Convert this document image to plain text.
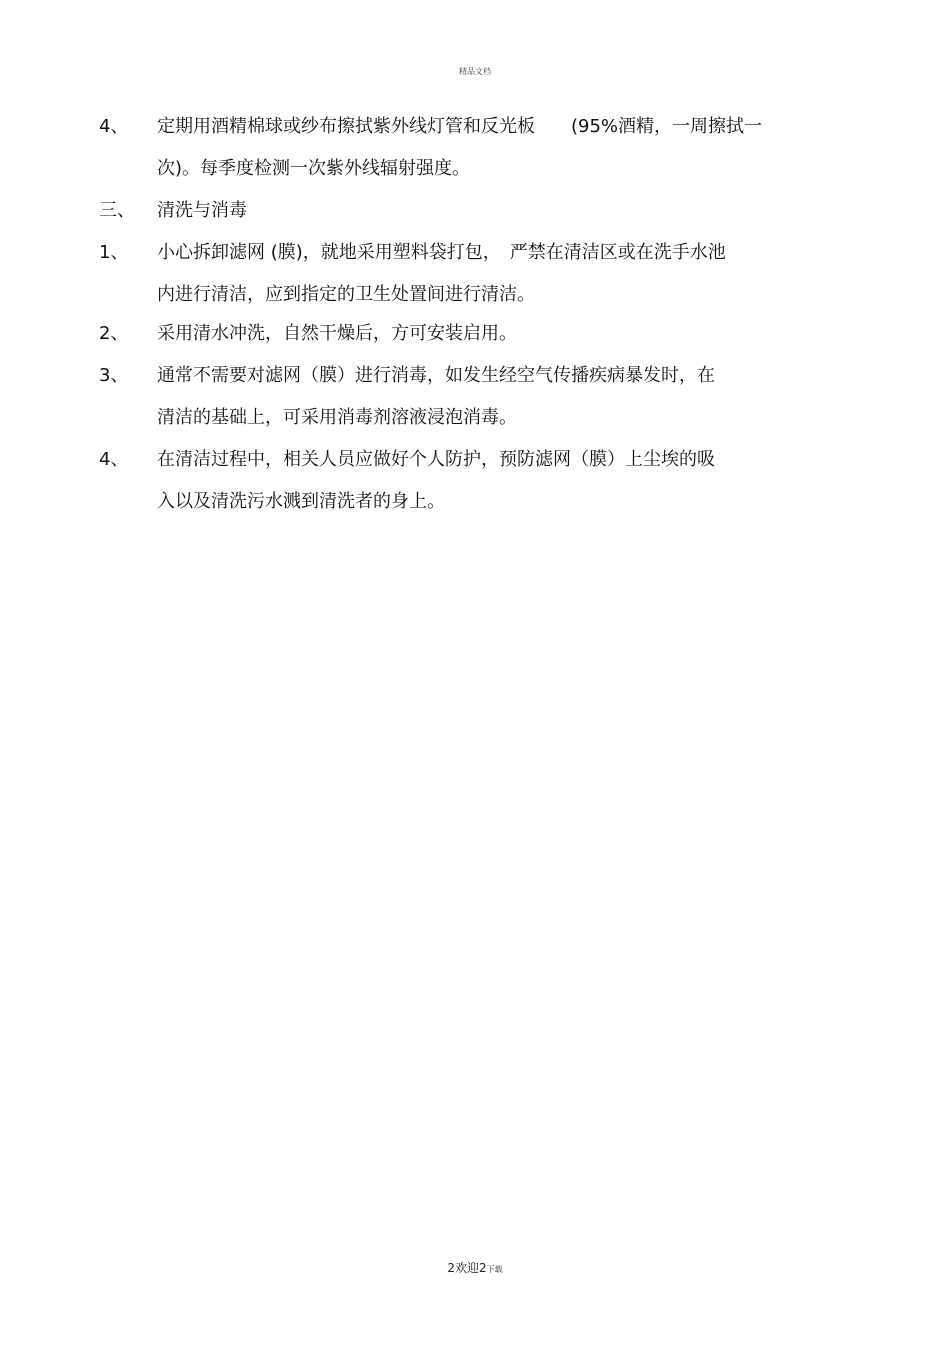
精品文档
4、 定期用酒精棉球或纱布擦拭紫外线灯管和反光板　　(95%酒精，一周擦拭一
次)。每季度检测一次紫外线辐射强度。
三、 清洗与消毒
1、 小心拆卸滤网 (膜)，就地采用塑料袋打包，　严禁在清洁区或在洗手水池
内进行清洁，应到指定的卫生处置间进行清洁。
2、 采用清水冲洗，自然干燥后，方可安装启用。
3、 通常不需要对滤网（膜）进行消毒，如发生经空气传播疾病暴发时，在
清洁的基础上，可采用消毒剂溶液浸泡消毒。
4、 在清洁过程中，相关人员应做好个人防护，预防滤网（膜）上尘埃的吸
入以及清洗污水溅到清洗者的身上。
2欢迎2下载
